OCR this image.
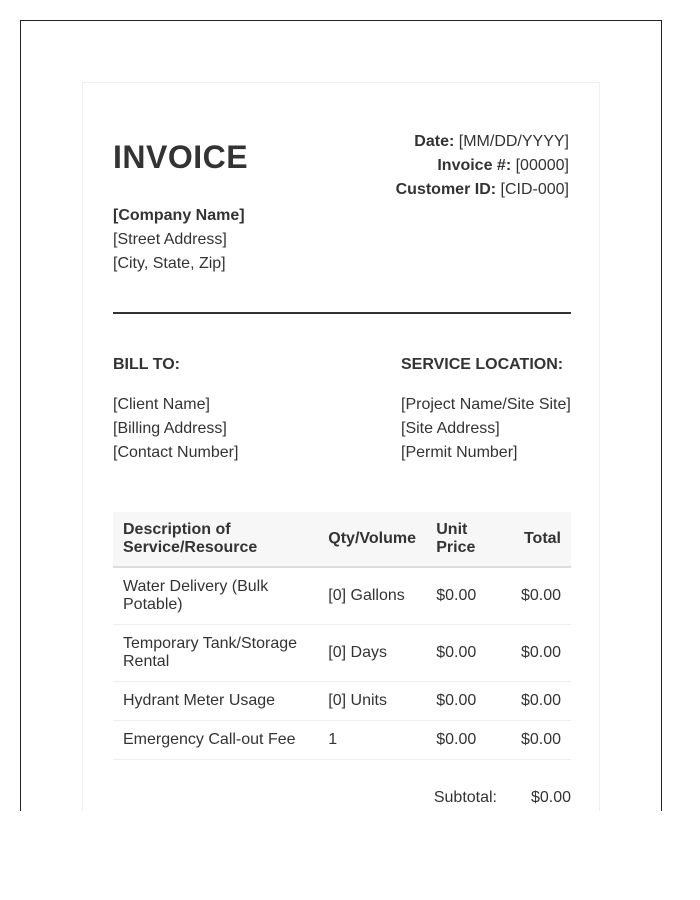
INVOICE	Date: [MM/DD/YYYY]
Invoice #: [00000]
Customer ID: [CID-000]
[Company Name]
[Street Address]
[City, State, Zip]
BILL TO:
[Client Name]
[Billing Address]
[Contact Number]
SERVICE LOCATION:
[Project Name/Site Site]
[Site Address]
[Permit Number]
Description of Service/Resource	Qty/Volume	Unit Price	Total
Water Delivery (Bulk Potable)	[0] Gallons	$0.00	$0.00
Temporary Tank/Storage Rental	[0] Days	$0.00	$0.00
Hydrant Meter Usage	[0] Units	$0.00	$0.00
Emergency Call-out Fee	1	$0.00	$0.00
Subtotal: $0.00
